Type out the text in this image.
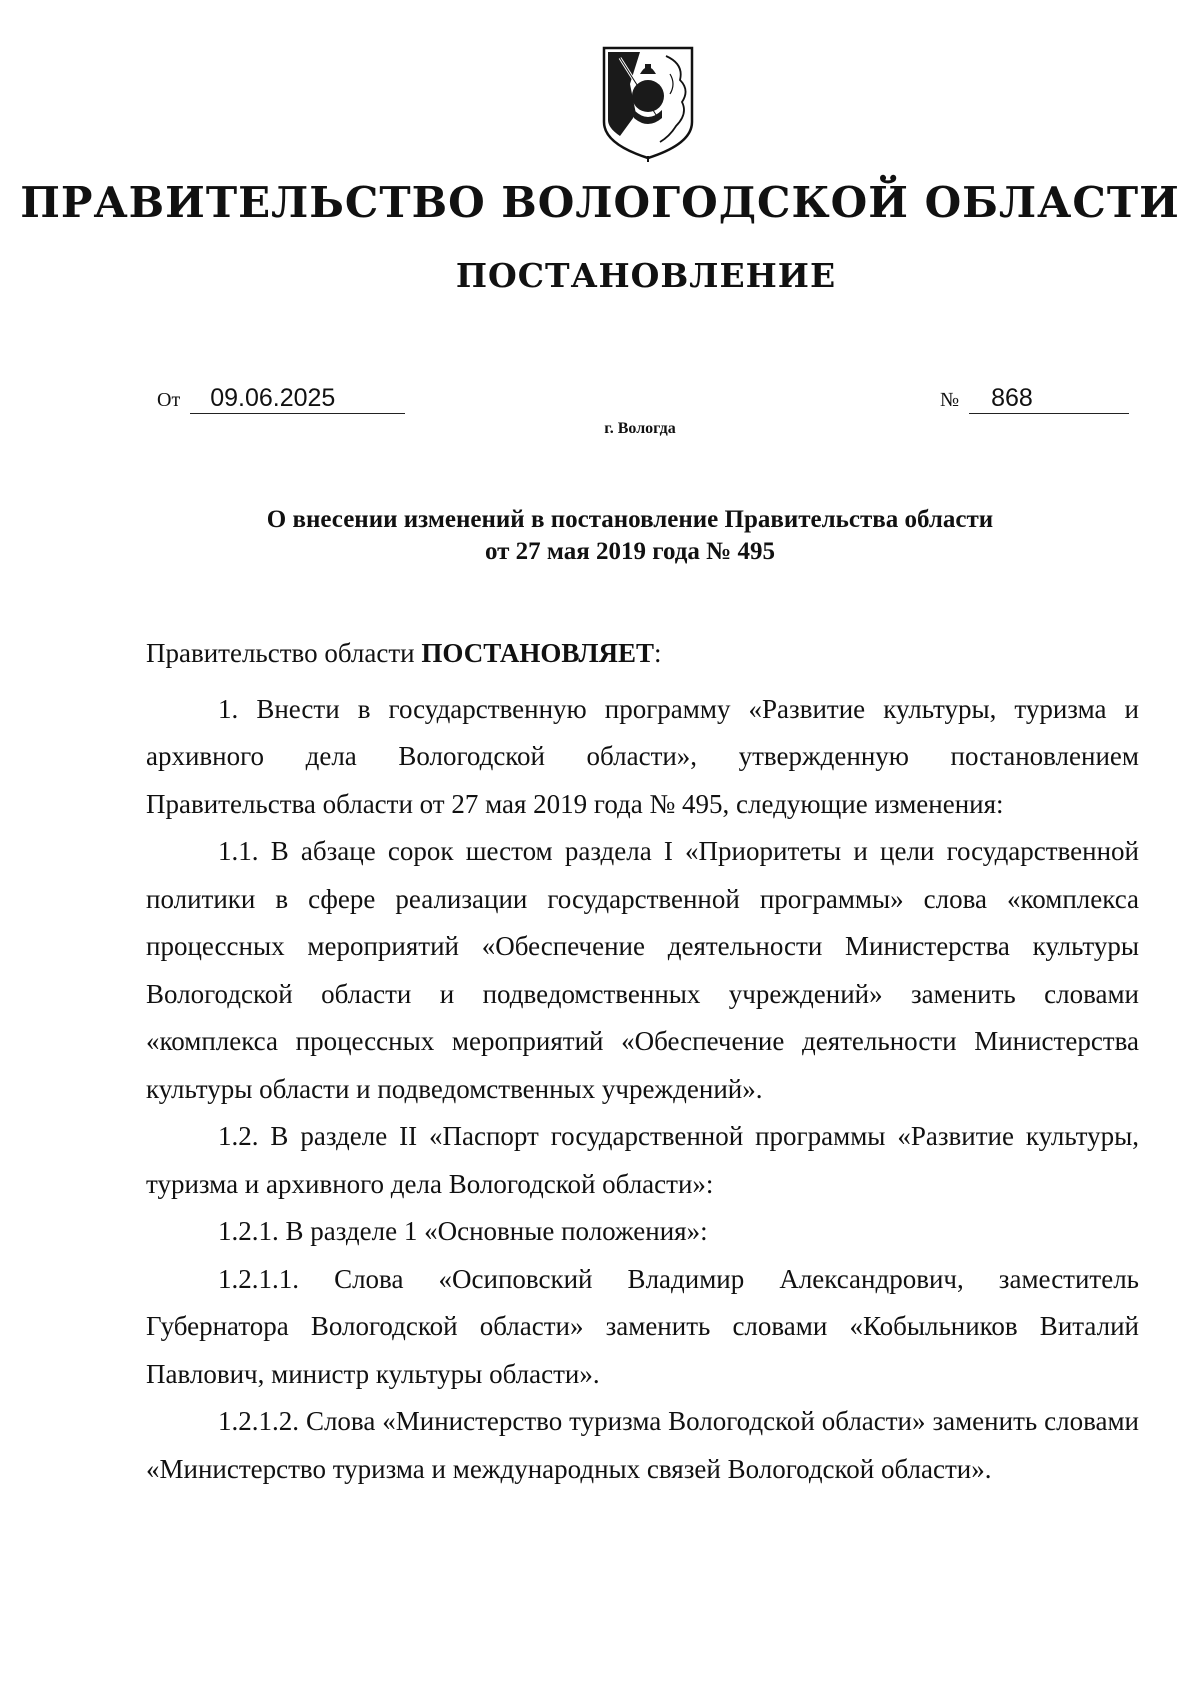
ПРАВИТЕЛЬСТВО ВОЛОГОДСКОЙ ОБЛАСТИ
ПОСТАНОВЛЕНИЕ
От 09.06.2025	№ 868
г. Вологда
О внесении изменений в постановление Правительства области
от 27 мая 2019 года № 495

Правительство области ПОСТАНОВЛЯЕТ:

1. Внести в государственную программу «Развитие культуры, туризма и архивного дела Вологодской области», утвержденную постановлением Правительства области от 27 мая 2019 года № 495, следующие изменения:

1.1. В абзаце сорок шестом раздела I «Приоритеты и цели государственной политики в сфере реализации государственной программы» слова «комплекса процессных мероприятий «Обеспечение деятельности Министерства культуры Вологодской области и подведомственных учреждений» заменить словами «комплекса процессных мероприятий «Обеспечение деятельности Министерства культуры области и подведомственных учреждений».

1.2. В разделе II «Паспорт государственной программы «Развитие культуры, туризма и архивного дела Вологодской области»:

1.2.1. В разделе 1 «Основные положения»:

1.2.1.1. Слова «Осиповский Владимир Александрович, заместитель Губернатора Вологодской области» заменить словами «Кобыльников Виталий Павлович, министр культуры области».

1.2.1.2. Слова «Министерство туризма Вологодской области» заменить словами «Министерство туризма и международных связей Вологодской области».
